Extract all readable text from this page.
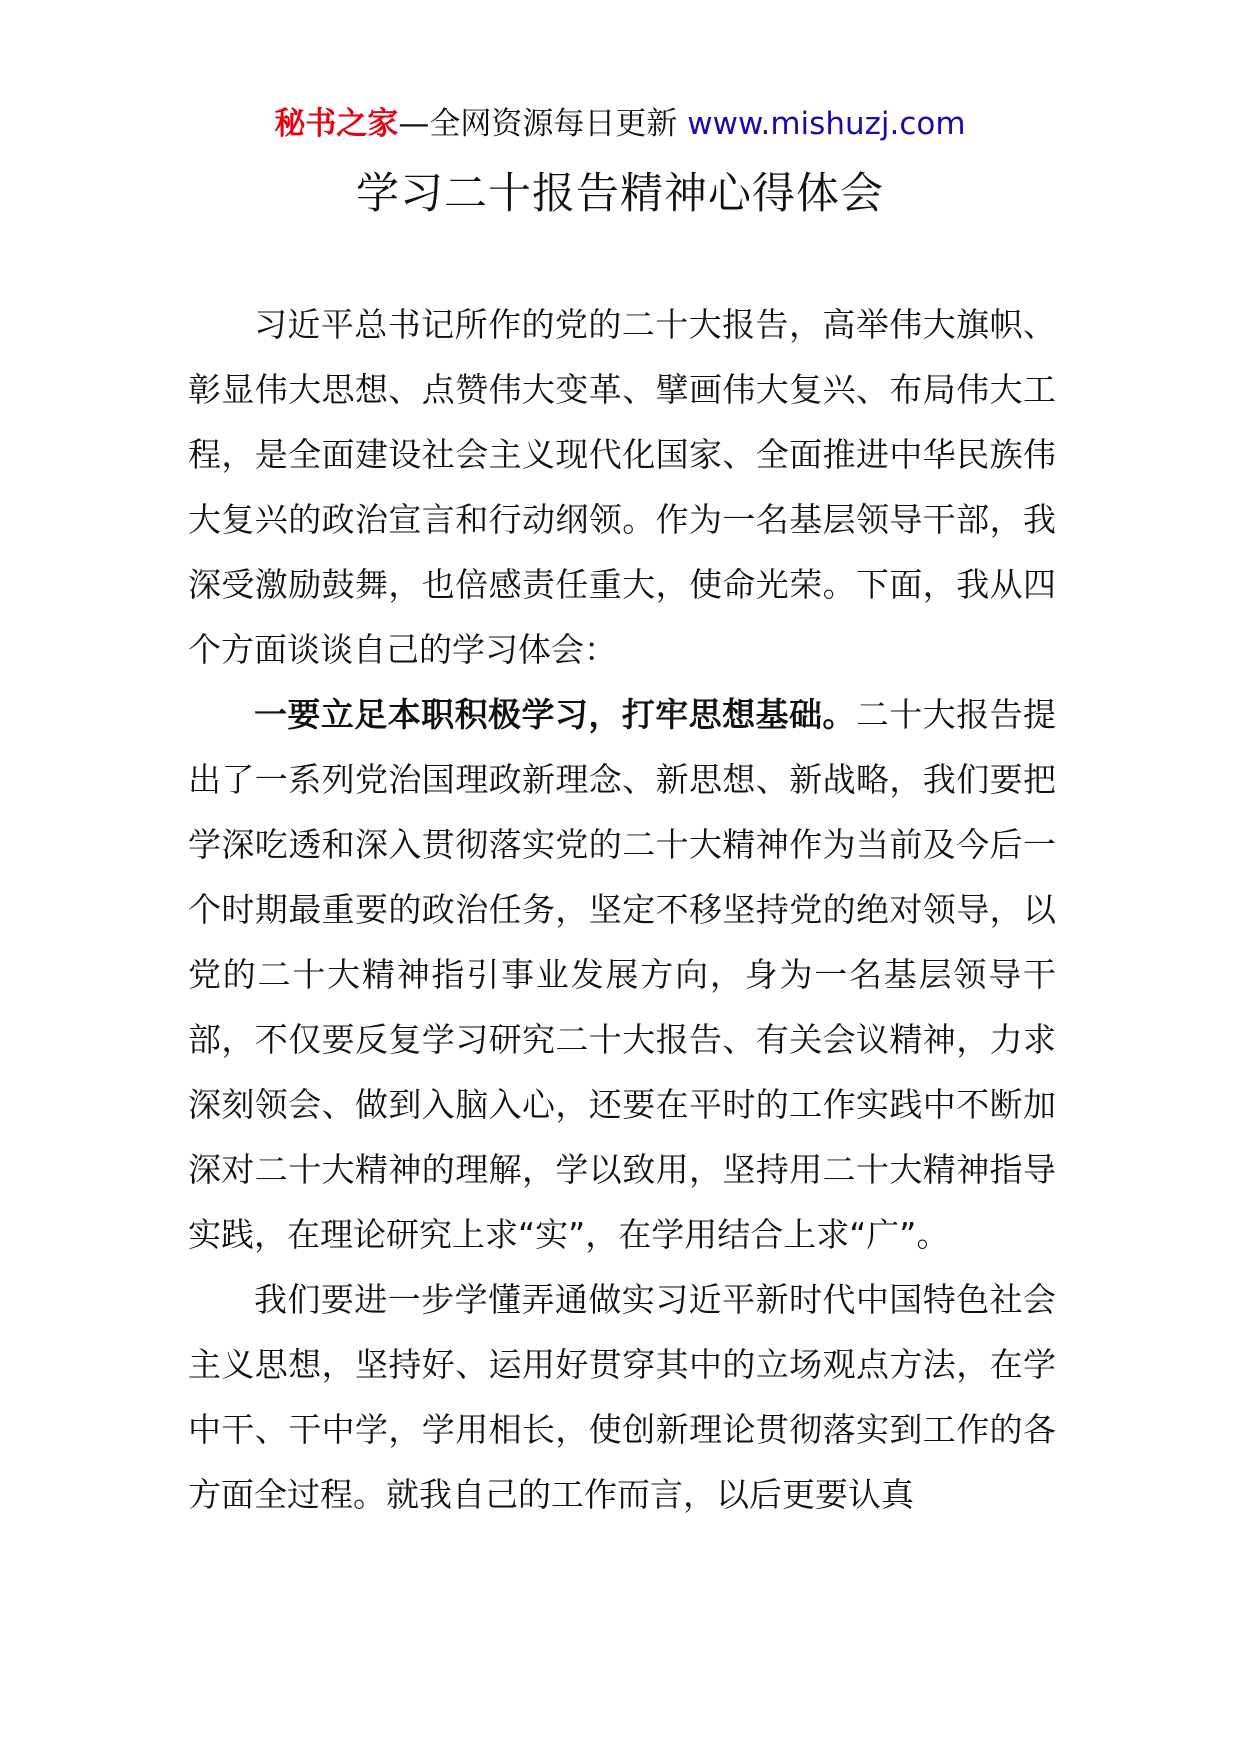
秘书之家—全网资源每日更新 www.mishuzj.com
学习二十报告精神心得体会

习近平总书记所作的党的二十大报告，高举伟大旗帜、彰显伟大思想、点赞伟大变革、擘画伟大复兴、布局伟大工程，是全面建设社会主义现代化国家、全面推进中华民族伟大复兴的政治宣言和行动纲领。作为一名基层领导干部，我深受激励鼓舞，也倍感责任重大，使命光荣。下面，我从四个方面谈谈自己的学习体会：

一要立足本职积极学习，打牢思想基础。二十大报告提出了一系列党治国理政新理念、新思想、新战略，我们要把学深吃透和深入贯彻落实党的二十大精神作为当前及今后一个时期最重要的政治任务，坚定不移坚持党的绝对领导，以党的二十大精神指引事业发展方向，身为一名基层领导干部，不仅要反复学习研究二十大报告、有关会议精神，力求深刻领会、做到入脑入心，还要在平时的工作实践中不断加深对二十大精神的理解，学以致用，坚持用二十大精神指导实践，在理论研究上求“实”，在学用结合上求“广”。

我们要进一步学懂弄通做实习近平新时代中国特色社会主义思想，坚持好、运用好贯穿其中的立场观点方法，在学中干、干中学，学用相长，使创新理论贯彻落实到工作的各方面全过程。就我自己的工作而言，以后更要认真
